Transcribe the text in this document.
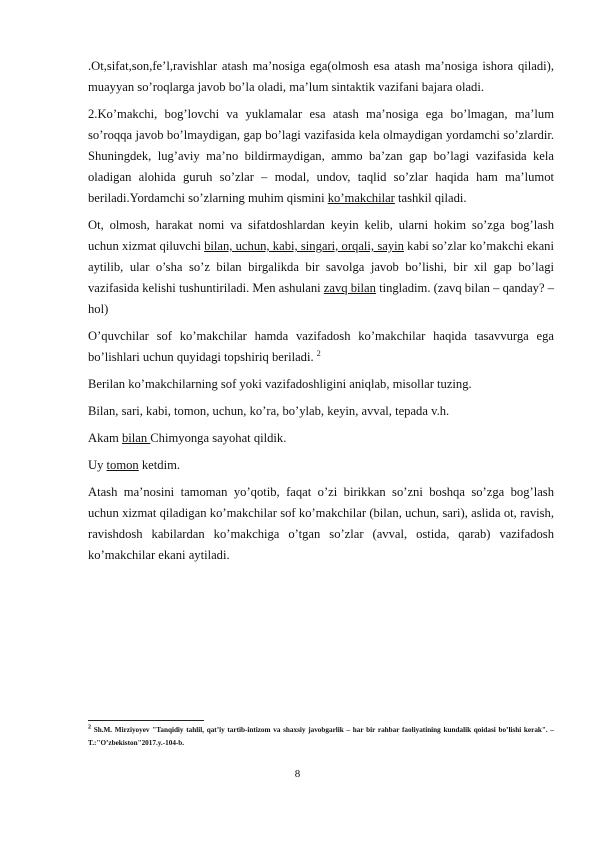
.Ot,sifat,son,fe’l,ravishlar atash ma’nosiga ega(olmosh esa atash ma’nosiga ishora qiladi), muayyan so’roqlarga javob bo’la oladi, ma’lum sintaktik vazifani bajara oladi.

2.Ko’makchi, bog’lovchi va yuklamalar esa atash ma’nosiga ega bo’lmagan, ma’lum so’roqqa javob bo’lmaydigan, gap bo’lagi vazifasida kela olmaydigan yordamchi so’zlardir. Shuningdek, lug’aviy ma’no bildirmaydigan, ammo ba’zan gap bo’lagi vazifasida kela oladigan alohida guruh so’zlar – modal, undov, taqlid so’zlar haqida ham ma’lumot beriladi.Yordamchi so’zlarning muhim qismini ko’makchilar tashkil qiladi.

Ot, olmosh, harakat nomi va sifatdoshlardan keyin kelib, ularni hokim so’zga bog’lash uchun xizmat qiluvchi bilan, uchun, kabi, singari, orqali, sayin kabi so’zlar ko’makchi ekani aytilib, ular o’sha so’z bilan birgalikda bir savolga javob bo’lishi, bir xil gap bo’lagi vazifasida kelishi tushuntiriladi. Men ashulani zavq bilan tingladim. (zavq bilan – qanday? – hol)

O’quvchilar sof ko’makchilar hamda vazifadosh ko’makchilar haqida tasavvurga ega bo’lishlari uchun quyidagi topshiriq beriladi. $^2$

Berilan ko’makchilarning sof yoki vazifadoshligini aniqlab, misollar tuzing.

Bilan, sari, kabi, tomon, uchun, ko’ra, bo’ylab, keyin, avval, tepada v.h.

Akam bilan Chimyonga sayohat qildik.

Uy tomon ketdim.

Atash ma’nosini tamoman yo’qotib, faqat o’zi birikkan so’zni boshqa so’zga bog’lash uchun xizmat qiladigan ko’makchilar sof ko’makchilar (bilan, uchun, sari), aslida ot, ravish, ravishdosh kabilardan ko’makchiga o’tgan so’zlar (avval, ostida, qarab) vazifadosh ko’makchilar ekani aytiladi.

$^2$ Sh.M. Mirziyoyev "Tanqidiy tahlil, qat’iy tartib-intizom va shaxsiy javobgarlik – har bir rahbar faoliyatining kundalik qoidasi bo’lishi kerak". –T.:"O’zbekiston"2017.y.-104-b.
8
